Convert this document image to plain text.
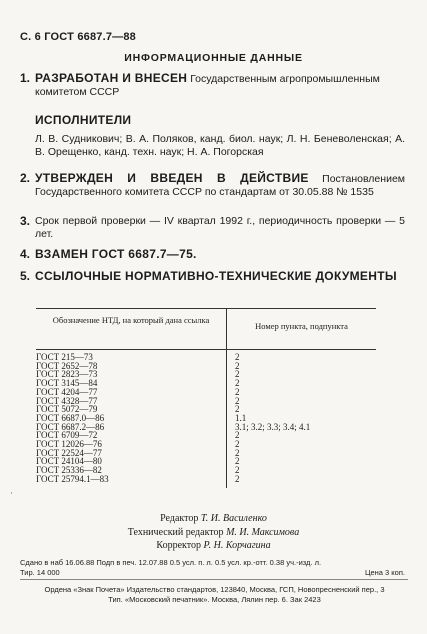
С. 6 ГОСТ 6687.7—88
ИНФОРМАЦИОННЫЕ ДАННЫЕ
1. РАЗРАБОТАН И ВНЕСЕН Государственным агропромышленным комитетом СССР
ИСПОЛНИТЕЛИ
Л. В. Судникович; В. А. Поляков, канд. биол. наук; Л. Н. Беневоленская; А. В. Орещенко, канд. техн. наук; Н. А. Погорская
2. УТВЕРЖДЕН И ВВЕДЕН В ДЕЙСТВИЕ Постановлением Государственного комитета СССР по стандартам от 30.05.88 № 1535
3. Срок первой проверки — IV квартал 1992 г., периодичность проверки — 5 лет.
4. ВЗАМЕН ГОСТ 6687.7—75.
5. ССЫЛОЧНЫЕ НОРМАТИВНО-ТЕХНИЧЕСКИЕ ДОКУМЕНТЫ
Обозначение НТД, на который дана ссылка
Номер пункта, подпункта
ГОСТ 215—73	2
ГОСТ 2652—78	2
ГОСТ 2823—73	2
ГОСТ 3145—84	2
ГОСТ 4204—77	2
ГОСТ 4328—77	2
ГОСТ 5072—79	2
ГОСТ 6687.0—86	1.1
ГОСТ 6687.2—86	3.1; 3.2; 3.3; 3.4; 4.1
ГОСТ 6709—72	2
ГОСТ 12026—76	2
ГОСТ 22524—77	2
ГОСТ 24104—80	2
ГОСТ 25336—82	2
ГОСТ 25794.1—83	2
·
Редактор Т. И. Василенко
Технический редактор М. И. Максимова
Корректор Р. Н. Корчагина
Сдано в наб 16.06.88 Подп в печ. 12.07.88 0.5 усл. п. л. 0.5 усл. кр.-отт. 0.38 уч.-изд. л.
Тир. 14 000	Цена 3 коп.
Ордена «Знак Почета» Издательство стандартов, 123840, Москва, ГСП, Новопресненский пер., 3
Тип. «Московский печатник». Москва, Лялин пер. 6. Зак 2423
